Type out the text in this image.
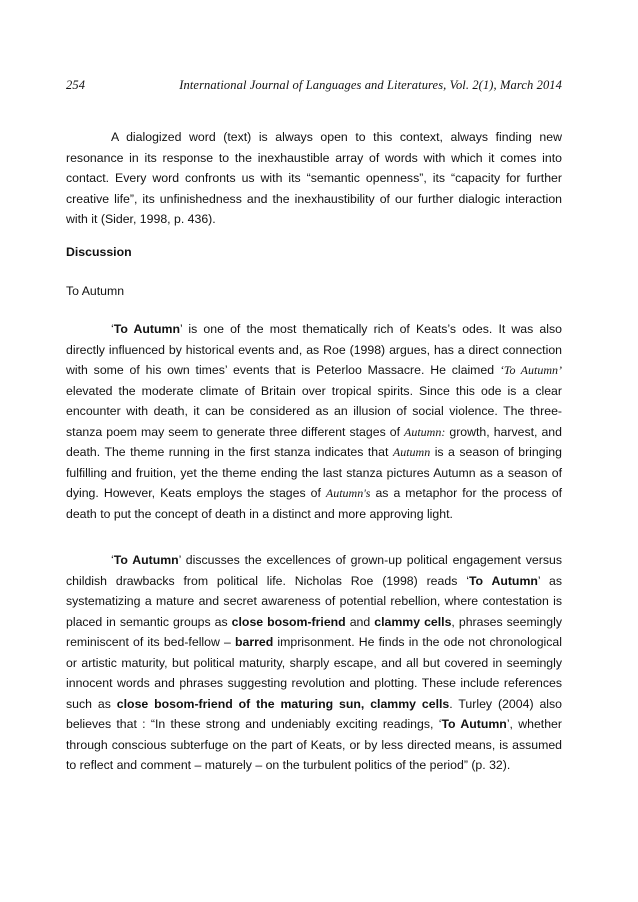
254	International Journal of Languages and Literatures, Vol. 2(1), March 2014

A dialogized word (text) is always open to this context, always finding new resonance in its response to the inexhaustible array of words with which it comes into contact. Every word confronts us with its “semantic openness”, its “capacity for further creative life”, its unfinishedness and the inexhaustibility of our further dialogic interaction with it (Sider, 1998, p. 436).

Discussion
To Autumn

‘To Autumn’ is one of the most thematically rich of Keats’s odes. It was also directly influenced by historical events and, as Roe (1998) argues, has a direct connection with some of his own times’ events that is Peterloo Massacre. He claimed ‘To Autumn’ elevated the moderate climate of Britain over tropical spirits. Since this ode is a clear encounter with death, it can be considered as an illusion of social violence. The three-stanza poem may seem to generate three different stages of Autumn: growth, harvest, and death. The theme running in the first stanza indicates that Autumn is a season of bringing fulfilling and fruition, yet the theme ending the last stanza pictures Autumn as a season of dying. However, Keats employs the stages of Autumn's as a metaphor for the process of death to put the concept of death in a distinct and more approving light.

‘To Autumn’ discusses the excellences of grown-up political engagement versus childish drawbacks from political life. Nicholas Roe (1998) reads ‘To Autumn’ as systematizing a mature and secret awareness of potential rebellion, where contestation is placed in semantic groups as close bosom-friend and clammy cells, phrases seemingly reminiscent of its bed-fellow – barred imprisonment. He finds in the ode not chronological or artistic maturity, but political maturity, sharply escape, and all but covered in seemingly innocent words and phrases suggesting revolution and plotting. These include references such as close bosom-friend of the maturing sun, clammy cells. Turley (2004) also believes that : “In these strong and undeniably exciting readings, ‘To Autumn’, whether through conscious subterfuge on the part of Keats, or by less directed means, is assumed to reflect and comment – maturely – on the turbulent politics of the period” (p. 32).
